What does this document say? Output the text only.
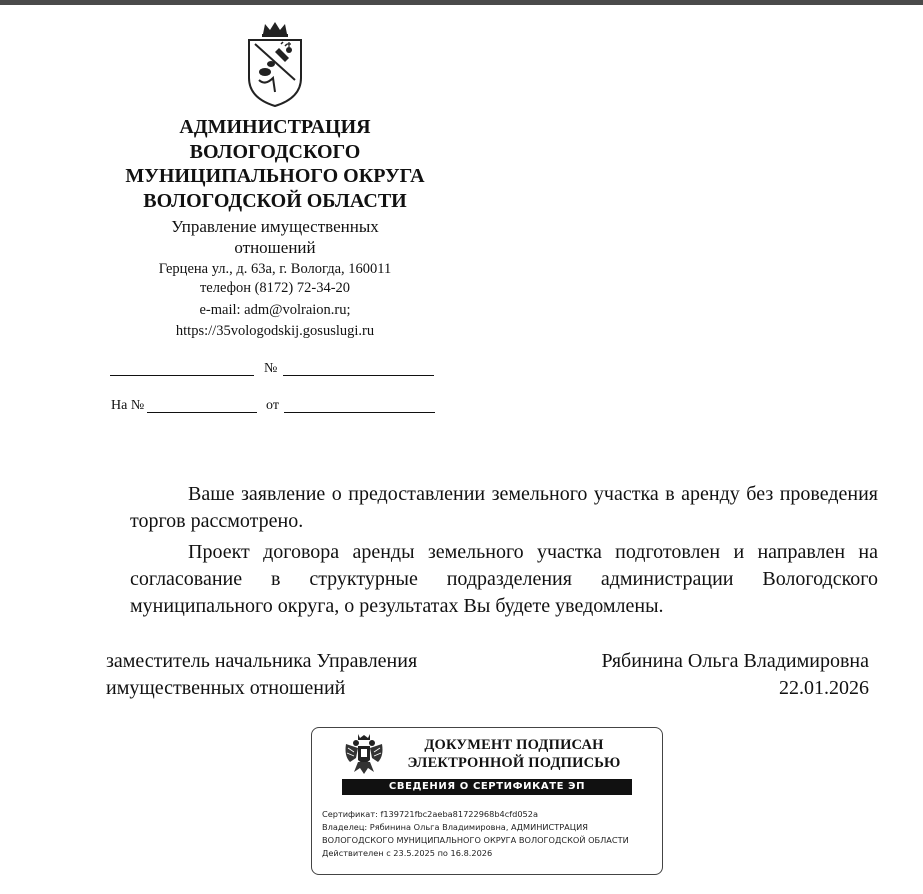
АДМИНИСТРАЦИЯ
ВОЛОГОДСКОГО
МУНИЦИПАЛЬНОГО ОКРУГА
ВОЛОГОДСКОЙ ОБЛАСТИ
Управление имущественных
отношений
Герцена ул., д. 63а, г. Вологда, 160011
телефон (8172) 72-34-20
e-mail: adm@volraion.ru;
https://35vologodskij.gosuslugi.ru
№
На №	от

Ваше заявление о предоставлении земельного участка в аренду без проведения торгов рассмотрено.

Проект договора аренды земельного участка подготовлен и направлен на согласование в структурные подразделения администрации Вологодского муниципального округа, о результатах Вы будете уведомлены.

заместитель начальника Управления
имущественных отношений
Рябинина Ольга Владимировна
22.01.2026
ДОКУМЕНТ ПОДПИСАН
ЭЛЕКТРОННОЙ ПОДПИСЬЮ
СВЕДЕНИЯ О СЕРТИФИКАТЕ ЭП
Сертификат: f139721fbc2aeba81722968b4cfd052a
Владелец: Рябинина Ольга Владимировна, АДМИНИСТРАЦИЯ
ВОЛОГОДСКОГО МУНИЦИПАЛЬНОГО ОКРУГА ВОЛОГОДСКОЙ ОБЛАСТИ
Действителен с 23.5.2025 по 16.8.2026
